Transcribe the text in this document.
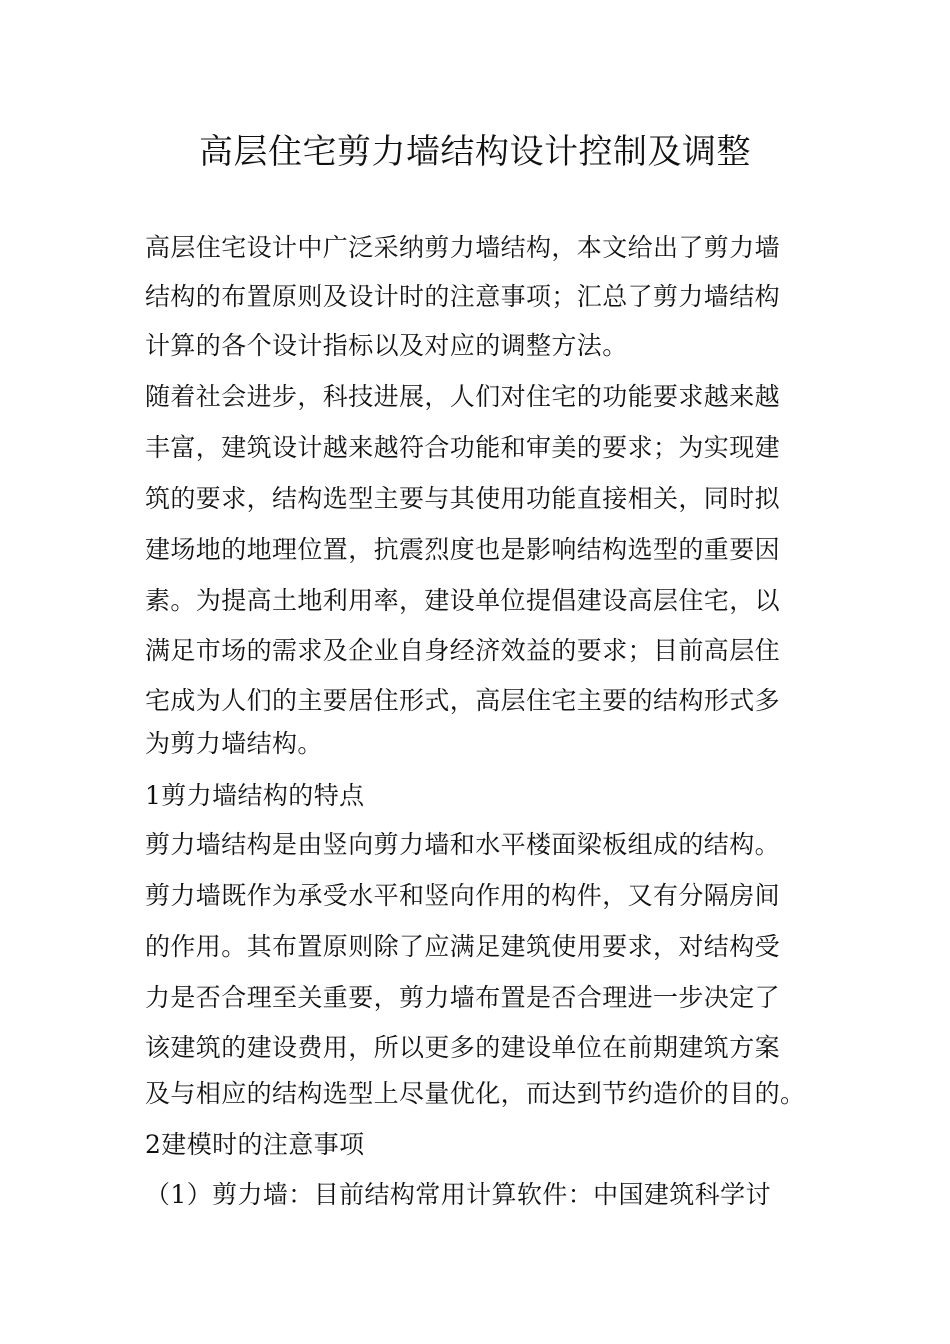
高层住宅剪力墙结构设计控制及调整
高层住宅设计中广泛采纳剪力墙结构，本文给出了剪力墙
结构的布置原则及设计时的注意事项；汇总了剪力墙结构
计算的各个设计指标以及对应的调整方法。
随着社会进步，科技进展，人们对住宅的功能要求越来越
丰富，建筑设计越来越符合功能和审美的要求；为实现建
筑的要求，结构选型主要与其使用功能直接相关，同时拟
建场地的地理位置，抗震烈度也是影响结构选型的重要因
素。为提高土地利用率，建设单位提倡建设高层住宅，以
满足市场的需求及企业自身经济效益的要求；目前高层住
宅成为人们的主要居住形式，高层住宅主要的结构形式多
为剪力墙结构。
1剪力墙结构的特点
剪力墙结构是由竖向剪力墙和水平楼面梁板组成的结构。
剪力墙既作为承受水平和竖向作用的构件，又有分隔房间
的作用。其布置原则除了应满足建筑使用要求，对结构受
力是否合理至关重要，剪力墙布置是否合理进一步决定了
该建筑的建设费用，所以更多的建设单位在前期建筑方案
及与相应的结构选型上尽量优化，而达到节约造价的目的。
2建模时的注意事项
（1）剪力墙：目前结构常用计算软件：中国建筑科学讨
